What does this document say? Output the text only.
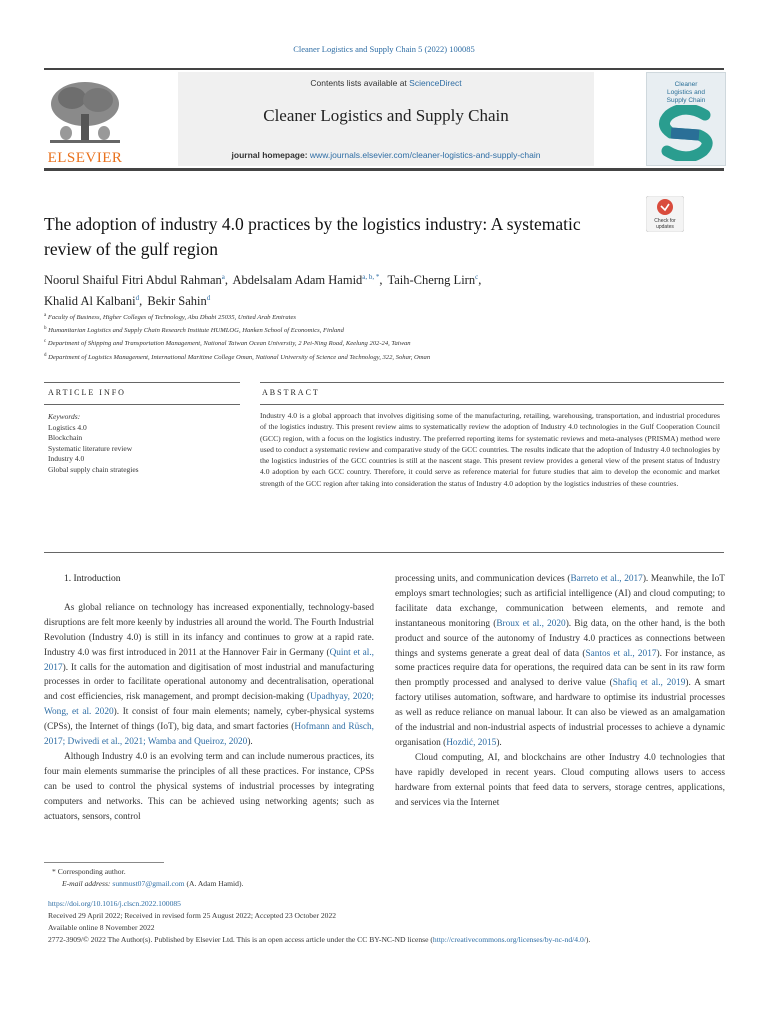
Cleaner Logistics and Supply Chain 5 (2022) 100085
ELSEVIER
Contents lists available at ScienceDirect
Cleaner Logistics and Supply Chain
journal homepage: www.journals.elsevier.com/cleaner-logistics-and-supply-chain
Cleaner
Logistics and
Supply Chain
The adoption of industry 4.0 practices by the logistics industry: A systematic review of the gulf region
Check for
updates
Noorul Shaiful Fitri Abdul Rahman$^a$, Abdelsalam Adam Hamid$^{a, b, *}$, Taih-Cherng Lirn$^c$,
Khalid Al Kalbani$^d$, Bekir Sahin$^d$
$^a$ Faculty of Business, Higher Colleges of Technology, Abu Dhabi 25035, United Arab Emirates
$^b$ Humanitarian Logistics and Supply Chain Research Institute HUMLOG, Hanken School of Economics, Finland
$^c$ Department of Shipping and Transportation Management, National Taiwan Ocean University, 2 Pei-Ning Road, Keelung 202-24, Taiwan
$^d$ Department of Logistics Management, International Maritime College Oman, National University of Science and Technology, 322, Sohar, Oman
ARTICLE INFO	ABSTRACT
Keywords:
Logistics 4.0
Blockchain
Systematic literature review
Industry 4.0
Global supply chain strategies
Industry 4.0 is a global approach that involves digitising some of the manufacturing, retailing, warehousing, transportation, and industrial procedures of the logistics industry. This present review aims to systematically review the adoption of Industry 4.0 technologies in the Gulf Cooperation Council (GCC) region, with a focus on the logistics industry. The preferred reporting items for systematic reviews and meta-analyses (PRISMA) method were used to conduct a systematic review and comparative study of the GCC countries. The results indicate that the adoption of Industry 4.0 technologies by the logistics industries of the GCC countries is still at the nascent stage. This present review provides a general view of the present status of Industry 4.0 adoption by each GCC country. Therefore, it could serve as reference material for future studies that aim to develop the economic and market strength of the GCC region after taking into consideration the status of Industry 4.0 adoption by the logistics industries of these countries.

1. Introduction

As global reliance on technology has increased exponentially, technology-based disruptions are felt more keenly by industries all around the world. The Fourth Industrial Revolution (Industry 4.0) is still in its infancy and continues to grow at a rapid rate. Industry 4.0 was first introduced in 2011 at the Hannover Fair in Germany (Quint et al., 2017). It calls for the automation and digitisation of most industrial and manufacturing processes in order to facilitate operational autonomy and decentralisation, operational and cost efficiencies, risk management, and prompt decision-making (Upadhyay, 2020; Wong, et al. 2020). It consist of four main elements; namely, cyber-physical systems (CPSs), the Internet of things (IoT), big data, and smart factories (Hofmann and Rüsch, 2017; Dwivedi et al., 2021; Wamba and Queiroz, 2020).

Although Industry 4.0 is an evolving term and can include numerous practices, its four main elements summarise the principles of all these practices. For instance, CPSs can be used to control the physical systems of industrial processes by integrating computers and networks. This can be achieved using networking agents; such as actuators, sensors, control

processing units, and communication devices (Barreto et al., 2017). Meanwhile, the IoT employs smart technologies; such as artificial intelligence (AI) and cloud computing; to facilitate data exchange, communication between elements, and remote and instantaneous monitoring (Broux et al., 2020). Big data, on the other hand, is the both product and source of the autonomy of Industry 4.0 practices as connections between things and systems generate a great deal of data (Santos et al., 2017). For instance, as some practices require data for operations, the required data can be sent in its raw form then promptly processed and analysed to derive value (Shafiq et al., 2019). A smart factory utilises automation, software, and hardware to optimise its industrial processes as well as reduce reliance on manual labour. It can also be viewed as an amalgamation of the industrial and non-industrial aspects of industrial processes to achieve a dynamic organisation (Hozdić, 2015).

Cloud computing, AI, and blockchains are other Industry 4.0 technologies that have rapidly developed in recent years. Cloud computing allows users to access hardware from external points that feed data to servers, storage centres, applications, and services via the Internet

* Corresponding author.
E-mail address: sunmust07@gmail.com (A. Adam Hamid).
https://doi.org/10.1016/j.clscn.2022.100085
Received 29 April 2022; Received in revised form 25 August 2022; Accepted 23 October 2022
Available online 8 November 2022
2772-3909/© 2022 The Author(s). Published by Elsevier Ltd. This is an open access article under the CC BY-NC-ND license (http://creativecommons.org/licenses/by-nc-nd/4.0/).
